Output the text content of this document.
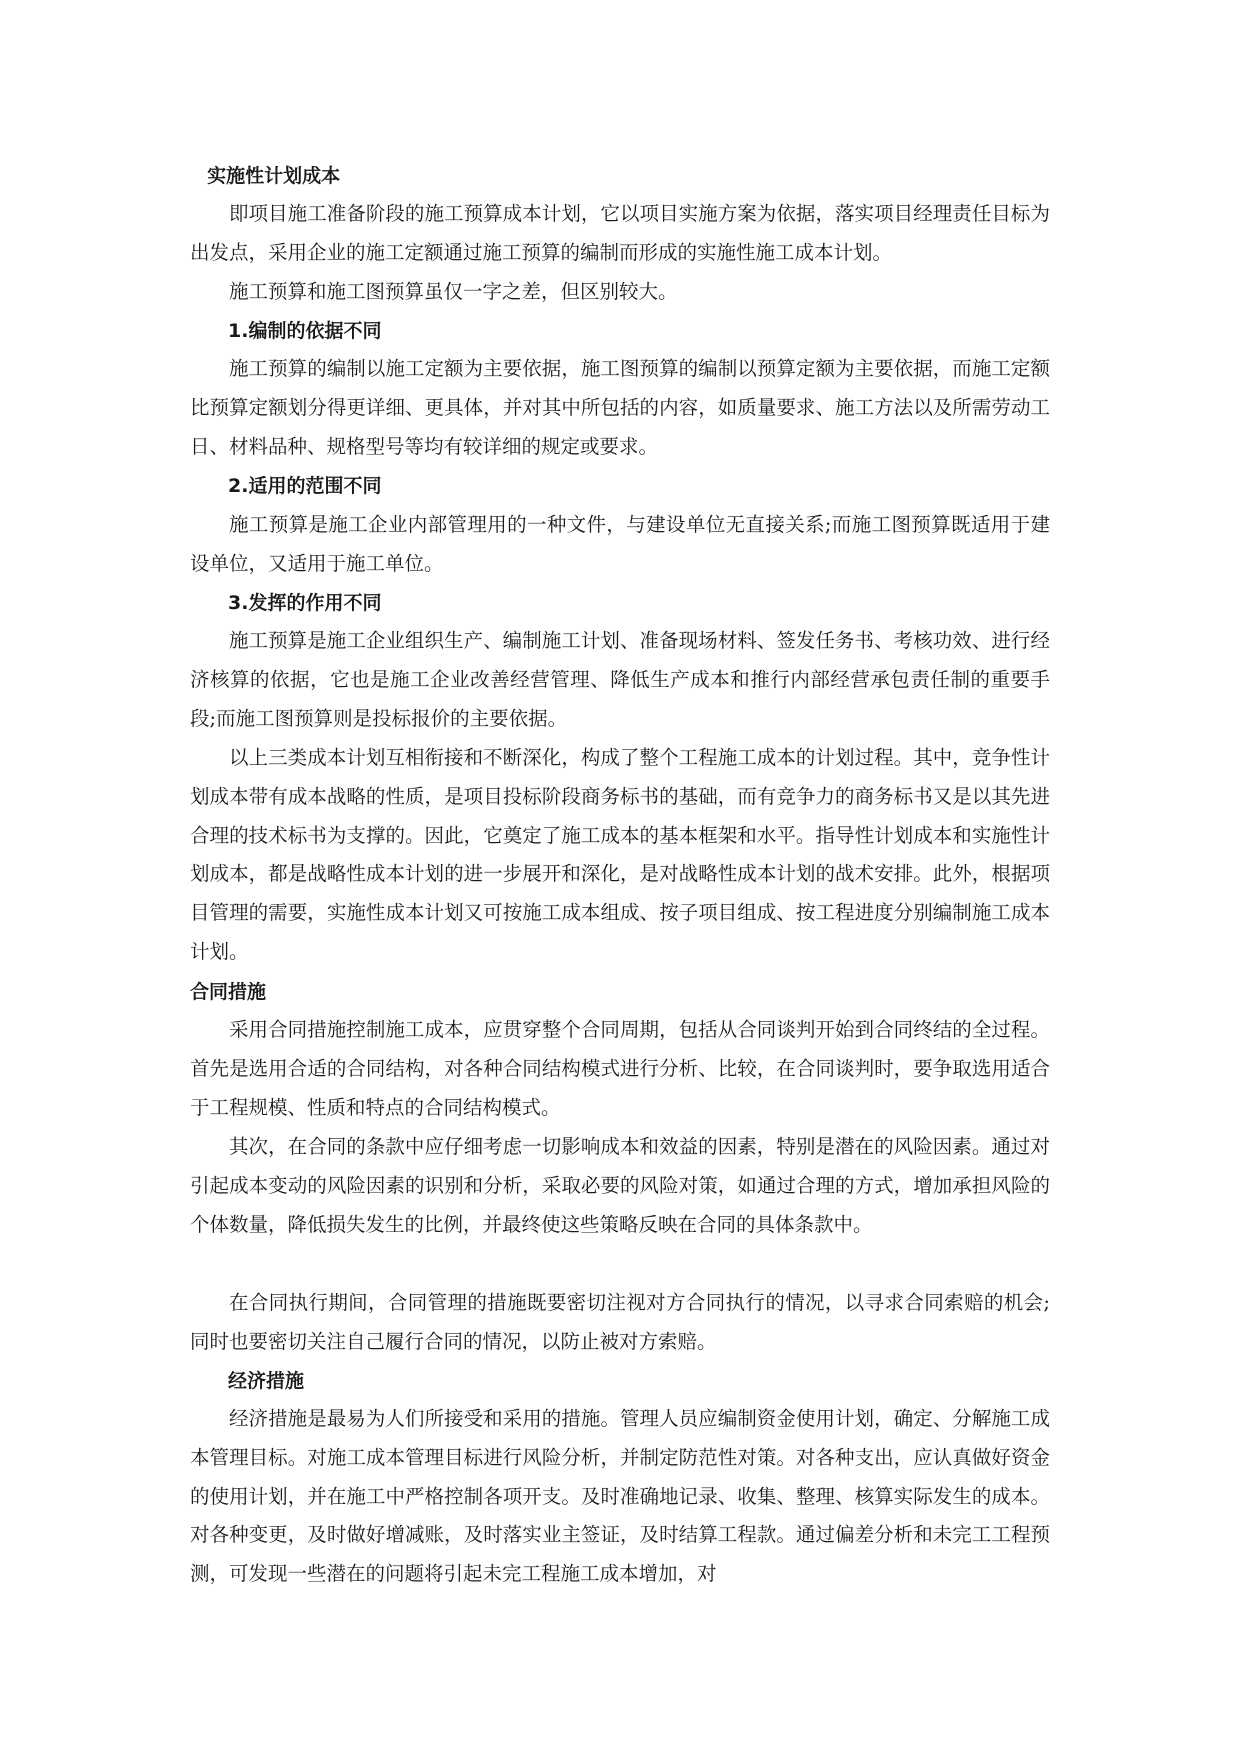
实施性计划成本

即项目施工准备阶段的施工预算成本计划，它以项目实施方案为依据，落实项目经理责任目标为出发点，采用企业的施工定额通过施工预算的编制而形成的实施性施工成本计划。

施工预算和施工图预算虽仅一字之差，但区别较大。

1.编制的依据不同

施工预算的编制以施工定额为主要依据，施工图预算的编制以预算定额为主要依据，而施工定额比预算定额划分得更详细、更具体，并对其中所包括的内容，如质量要求、施工方法以及所需劳动工日、材料品种、规格型号等均有较详细的规定或要求。

2.适用的范围不同

施工预算是施工企业内部管理用的一种文件，与建设单位无直接关系;而施工图预算既适用于建设单位，又适用于施工单位。

3.发挥的作用不同

施工预算是施工企业组织生产、编制施工计划、准备现场材料、签发任务书、考核功效、进行经济核算的依据，它也是施工企业改善经营管理、降低生产成本和推行内部经营承包责任制的重要手段;而施工图预算则是投标报价的主要依据。

以上三类成本计划互相衔接和不断深化，构成了整个工程施工成本的计划过程。其中，竞争性计划成本带有成本战略的性质，是项目投标阶段商务标书的基础，而有竞争力的商务标书又是以其先进合理的技术标书为支撑的。因此，它奠定了施工成本的基本框架和水平。指导性计划成本和实施性计划成本，都是战略性成本计划的进一步展开和深化，是对战略性成本计划的战术安排。此外，根据项目管理的需要，实施性成本计划又可按施工成本组成、按子项目组成、按工程进度分别编制施工成本计划。

合同措施

采用合同措施控制施工成本，应贯穿整个合同周期，包括从合同谈判开始到合同终结的全过程。首先是选用合适的合同结构，对各种合同结构模式进行分析、比较，在合同谈判时，要争取选用适合于工程规模、性质和特点的合同结构模式。

其次，在合同的条款中应仔细考虑一切影响成本和效益的因素，特别是潜在的风险因素。通过对引起成本变动的风险因素的识别和分析，采取必要的风险对策，如通过合理的方式，增加承担风险的个体数量，降低损失发生的比例，并最终使这些策略反映在合同的具体条款中。

在合同执行期间，合同管理的措施既要密切注视对方合同执行的情况，以寻求合同索赔的机会;同时也要密切关注自己履行合同的情况，以防止被对方索赔。

经济措施

经济措施是最易为人们所接受和采用的措施。管理人员应编制资金使用计划，确定、分解施工成本管理目标。对施工成本管理目标进行风险分析，并制定防范性对策。对各种支出，应认真做好资金的使用计划，并在施工中严格控制各项开支。及时准确地记录、收集、整理、核算实际发生的成本。对各种变更，及时做好增减账，及时落实业主签证，及时结算工程款。通过偏差分析和未完工工程预测，可发现一些潜在的问题将引起未完工程施工成本增加，对
